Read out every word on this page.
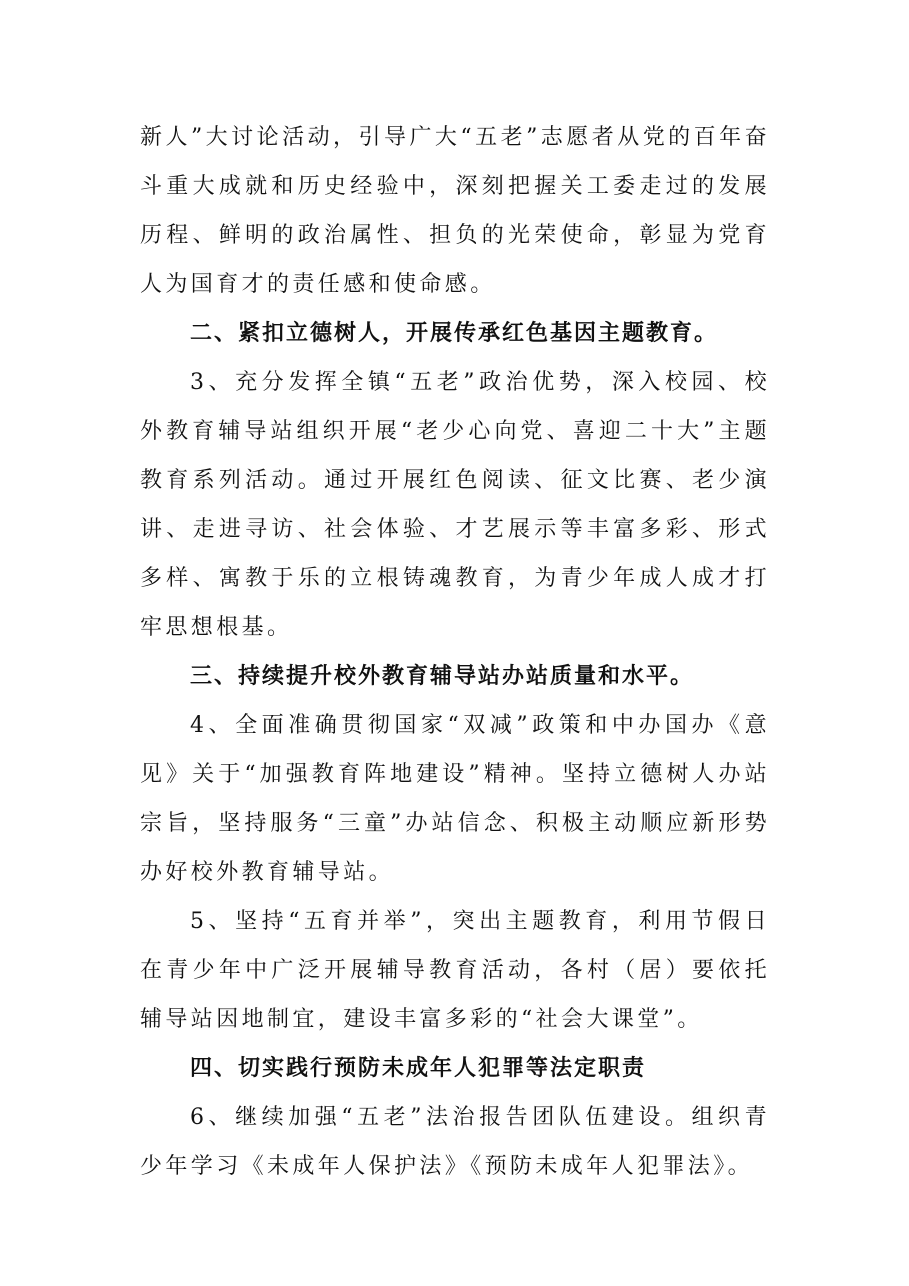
新人”大讨论活动，引导广大“五老”志愿者从党的百年奋斗重大成就和历史经验中，深刻把握关工委走过的发展历程、鲜明的政治属性、担负的光荣使命，彰显为党育人为国育才的责任感和使命感。

二、紧扣立德树人，开展传承红色基因主题教育。

3、充分发挥全镇“五老”政治优势，深入校园、校外教育辅导站组织开展“老少心向党、喜迎二十大”主题教育系列活动。通过开展红色阅读、征文比赛、老少演讲、走进寻访、社会体验、才艺展示等丰富多彩、形式多样、寓教于乐的立根铸魂教育，为青少年成人成才打牢思想根基。

三、持续提升校外教育辅导站办站质量和水平。

4、全面准确贯彻国家“双减”政策和中办国办《意见》关于“加强教育阵地建设”精神。坚持立德树人办站宗旨，坚持服务“三童”办站信念、积极主动顺应新形势办好校外教育辅导站。

5、坚持“五育并举”，突出主题教育，利用节假日在青少年中广泛开展辅导教育活动，各村（居）要依托辅导站因地制宜，建设丰富多彩的“社会大课堂”。

四、切实践行预防未成年人犯罪等法定职责

6、继续加强“五老”法治报告团队伍建设。组织青少年学习《未成年人保护法》《预防未成年人犯罪法》。
